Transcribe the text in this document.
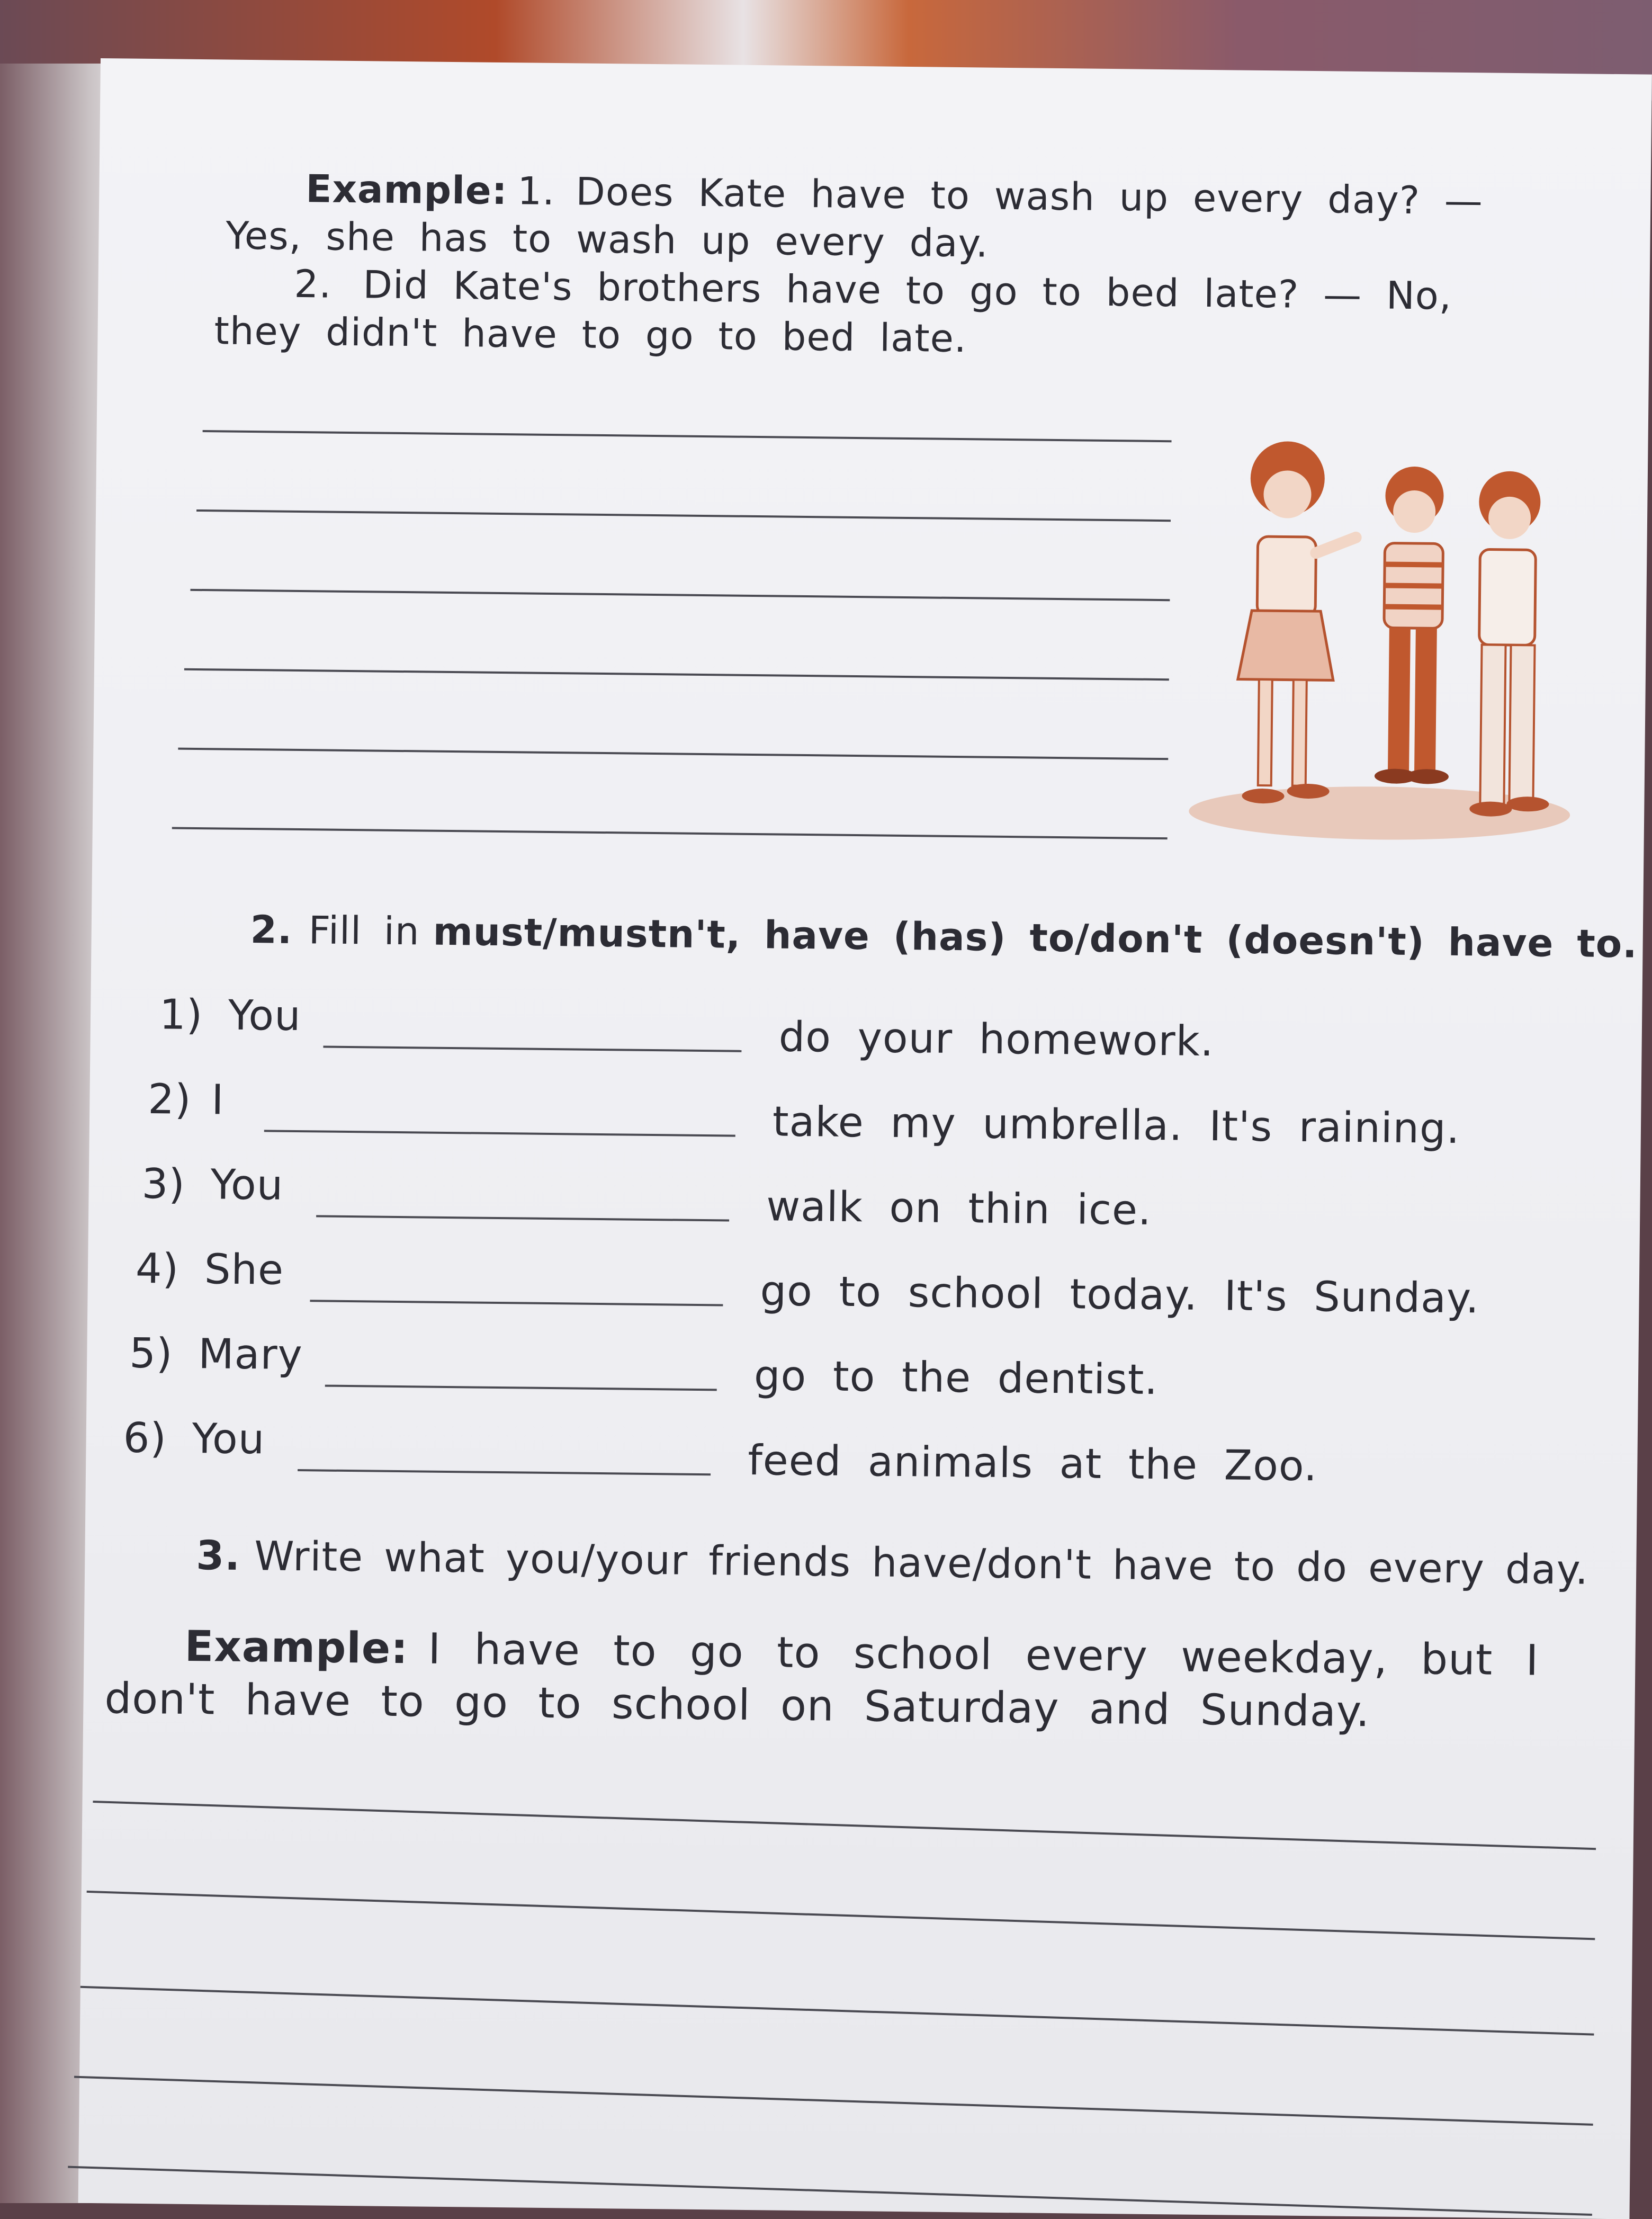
Example: 1. Does Kate have to wash up every day? —
Yes, she has to wash up every day.
2. Did Kate's brothers have to go to bed late? — No,
they didn't have to go to bed late.
2. Fill in must/mustn't, have (has) to/don't (doesn't) have to.
1) You	do your homework.
2) I	take my umbrella. It's raining.
3) You	walk on thin ice.
4) She	go to school today. It's Sunday.
5) Mary	go to the dentist.
6) You	feed animals at the Zoo.
3. Write what you/your friends have/don't have to do every day.
Example: I have to go to school every weekday, but I
don't have to go to school on Saturday and Sunday.
